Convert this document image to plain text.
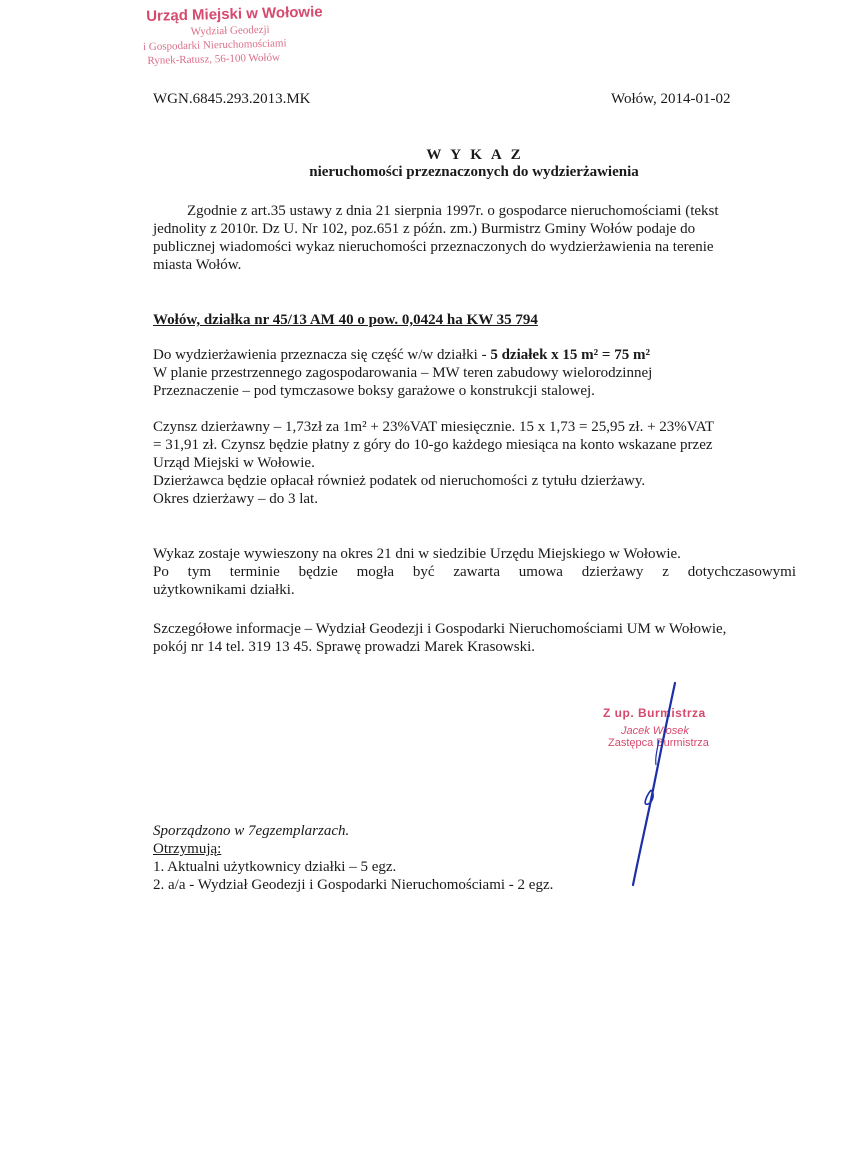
Urząd Miejski w Wołowie
Wydział Geodezji
i Gospodarki Nieruchomościami
Rynek-Ratusz, 56-100 Wołów
WGN.6845.293.2013.MK	Wołów, 2014-01-02
W Y K A Z
nieruchomości przeznaczonych do wydzierżawienia
Zgodnie z art.35 ustawy z dnia 21 sierpnia 1997r. o gospodarce nieruchomościami (tekst
jednolity z 2010r. Dz U. Nr 102, poz.651 z późn. zm.) Burmistrz Gminy Wołów podaje do
publicznej wiadomości wykaz nieruchomości przeznaczonych do wydzierżawienia na terenie
miasta Wołów.
Wołów, działka nr 45/13 AM 40 o pow. 0,0424 ha KW 35 794
Do wydzierżawienia przeznacza się część w/w działki - 5 działek x 15 m² = 75 m²
W planie przestrzennego zagospodarowania – MW teren zabudowy wielorodzinnej
Przeznaczenie – pod tymczasowe boksy garażowe o konstrukcji stalowej.
Czynsz dzierżawny – 1,73zł za 1m² + 23%VAT miesięcznie. 15 x 1,73 = 25,95 zł. + 23%VAT
= 31,91 zł. Czynsz będzie płatny z góry do 10-go każdego miesiąca na konto wskazane przez
Urząd Miejski w Wołowie.
Dzierżawca będzie opłacał również podatek od nieruchomości z tytułu dzierżawy.
Okres dzierżawy – do 3 lat.
Wykaz zostaje wywieszony na okres 21 dni w siedzibie Urzędu Miejskiego w Wołowie.
Po tym terminie będzie mogła być zawarta umowa dzierżawy z dotychczasowymi
użytkownikami działki.
Szczegółowe informacje – Wydział Geodezji i Gospodarki Nieruchomościami UM w Wołowie,
pokój nr 14 tel. 319 13 45. Sprawę prowadzi Marek Krasowski.
Z up. Burmistrza
Jacek Włosek
Zastępca Burmistrza
Sporządzono w 7egzemplarzach.
Otrzymują:
1. Aktualni użytkownicy działki – 5 egz.
2. a/a - Wydział Geodezji i Gospodarki Nieruchomościami - 2 egz.
